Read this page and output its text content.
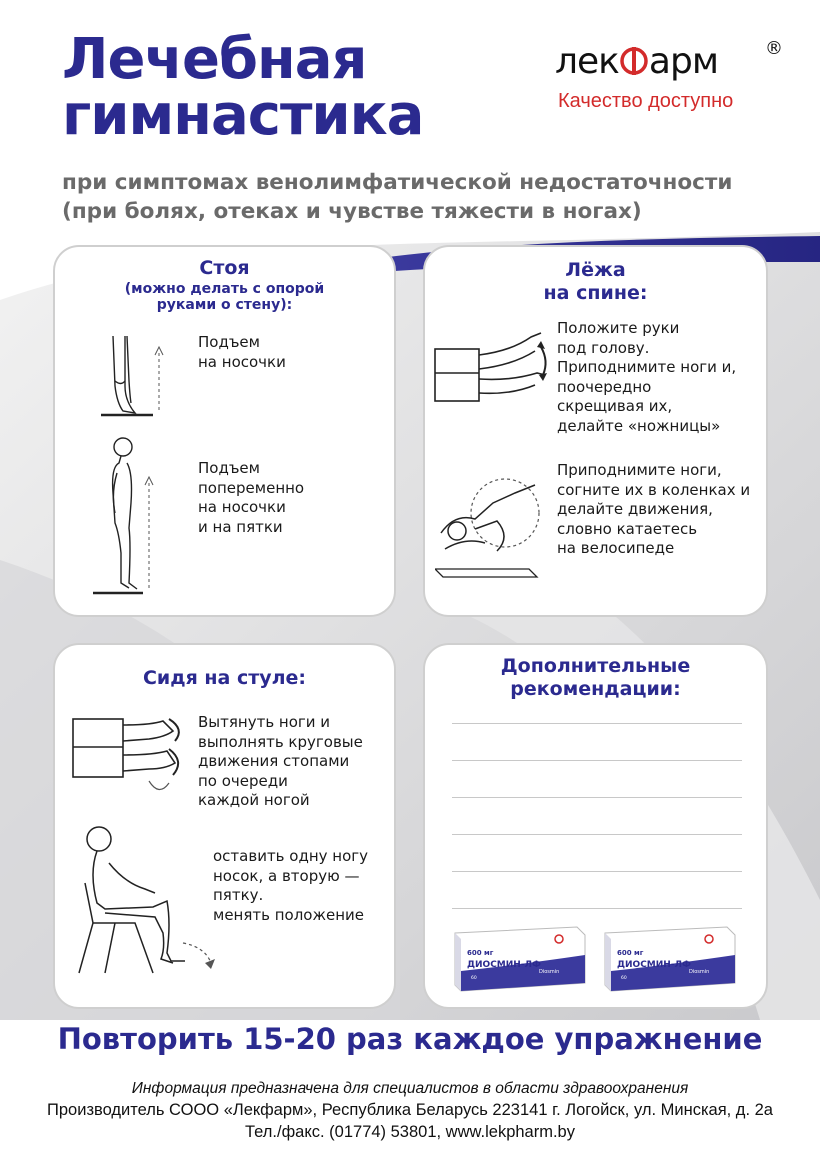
Лечебная
гимнастика
лек арм	®
Качество доступно
при симптомах венолимфатической недостаточности
(при болях, отеках и чувстве тяжести в ногах)
Стоя
(можно делать с опорой
руками о стену):
Подъем
на носочки
Подъем
попеременно
на носочки
и на пятки
Лёжа
на спине:
Положите руки
под голову.
Приподнимите ноги и,
поочередно
скрещивая их,
делайте «ножницы»
Приподнимите ноги,
согните их в коленках и
делайте движения,
словно катаетесь
на велосипеде
Сидя на стуле:
Вытянуть ноги и
выполнять круговые
движения стопами
по очереди
каждой ногой
оставить одну ногу
носок, а вторую —
пятку.
менять положение
Дополнительные
рекомендации:
600 мг
ДИОСМИН-ЛФ
60
Diosmin
600 мг
ДИОСМИН-ЛФ
60
Diosmin
Повторить 15-20 раз каждое упражнение
Информация предназначена для специалистов в области здравоохранения
Производитель СООО «Лекфарм», Республика Беларусь 223141 г. Логойск, ул. Минская, д. 2а
Тел./факс. (01774) 53801, www.lekpharm.by
